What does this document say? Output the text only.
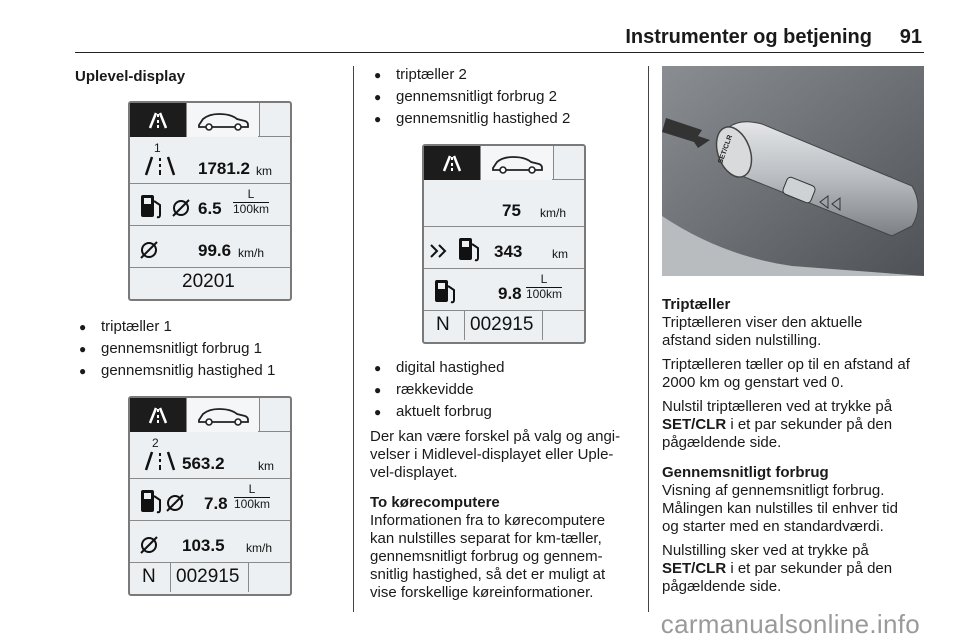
Instrumenter og betjening 91
Uplevel-display
1
1781.2 km
$6.5 \frac{L}{100km}$
99.6 km/h
20201
● triptæller 1
● gennemsnitligt forbrug 1
● gennemsnitlig hastighed 1
2
563.2	km
$7.8 \frac{L}{100km}$
103.5 km/h
N 002915
● triptæller 2
● gennemsnitligt forbrug 2
● gennemsnitlig hastighed 2
75 km/h
343 km
$9.8 \frac{L}{100km}$
N 002915
● digital hastighed
● rækkevidde
● aktuelt forbrug
Der kan være forskel på valg og angi-
velser i Midlevel-displayet eller Uple-
vel-displayet.
To kørecomputere
Informationen fra to kørecomputere
kan nulstilles separat for km-tæller,
gennemsnitligt forbrug og gennem-
snitlig hastighed, så det er muligt at
vise forskellige køreinformationer.
SET/CLR
Triptæller
Triptælleren viser den aktuelle
afstand siden nulstilling.
Triptælleren tæller op til en afstand af
2000 km og genstart ved 0.
Nulstil triptælleren ved at trykke på
SET/CLR i et par sekunder på den
pågældende side.
Gennemsnitligt forbrug
Visning af gennemsnitligt forbrug.
Målingen kan nulstilles til enhver tid
og starter med en standardværdi.
Nulstilling sker ved at trykke på
SET/CLR i et par sekunder på den
pågældende side.
carmanualsonline.info
